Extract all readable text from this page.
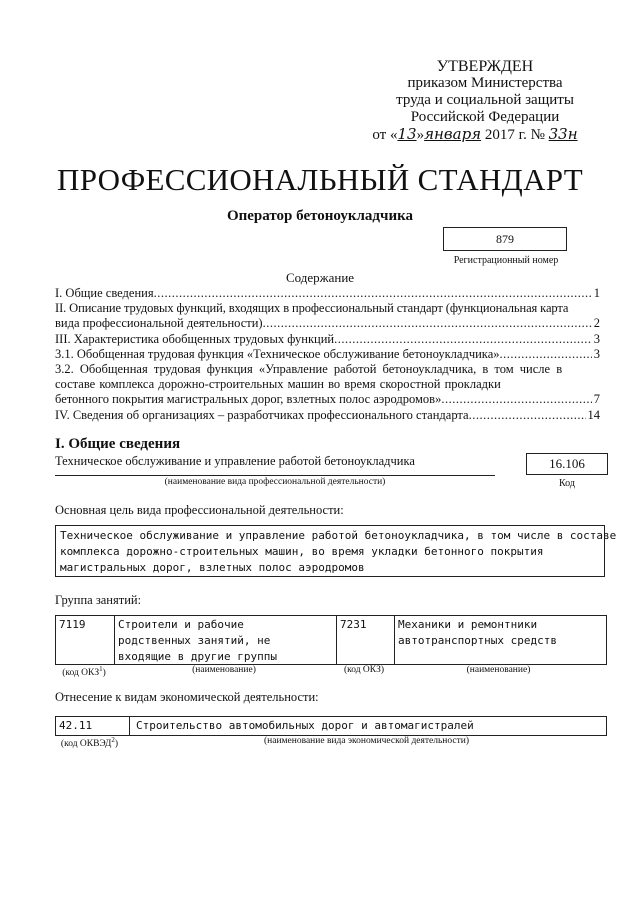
УТВЕРЖДЕН
приказом Министерства
труда и социальной защиты
Российской Федерации
от «13»января 2017 г. № 33н
ПРОФЕССИОНАЛЬНЫЙ СТАНДАРТ
Оператор бетоноукладчика
879
Регистрационный номер
Содержание
I. Общие сведения .....	1
II. Описание трудовых функций, входящих в профессиональный стандарт (функциональная карта
вида профессиональной деятельности) .....	2
III. Характеристика обобщенных трудовых функций .....	3
3.1. Обобщенная трудовая функция «Техническое обслуживание бетоноукладчика» .....	3
3.2. Обобщенная трудовая функция «Управление работой бетоноукладчика, в том числе в
составе комплекса дорожно-строительных машин во время скоростной прокладки
бетонного покрытия магистральных дорог, взлетных полос аэродромов» .....	7
IV. Сведения об организациях – разработчиках профессионального стандарта .....	14
I. Общие сведения
Техническое обслуживание и управление работой бетоноукладчика
(наименование вида профессиональной деятельности)
16.106
Код
Основная цель вида профессиональной деятельности:
Техническое обслуживание и управление работой бетоноукладчика, в том числе в составе
комплекса дорожно-строительных машин, во время укладки бетонного покрытия
магистральных дорог, взлетных полос аэродромов
Группа занятий:
7119	Строители и рабочие
родственных занятий, не
входящие в другие группы
7231	Механики и ремонтники
автотранспортных средств
(код ОКЗ$^1$)	(наименование)	(код ОКЗ)	(наименование)
Отнесение к видам экономической деятельности:
42.11	Строительство автомобильных дорог и автомагистралей
(код ОКВЭД$^2$)	(наименование вида экономической деятельности)
